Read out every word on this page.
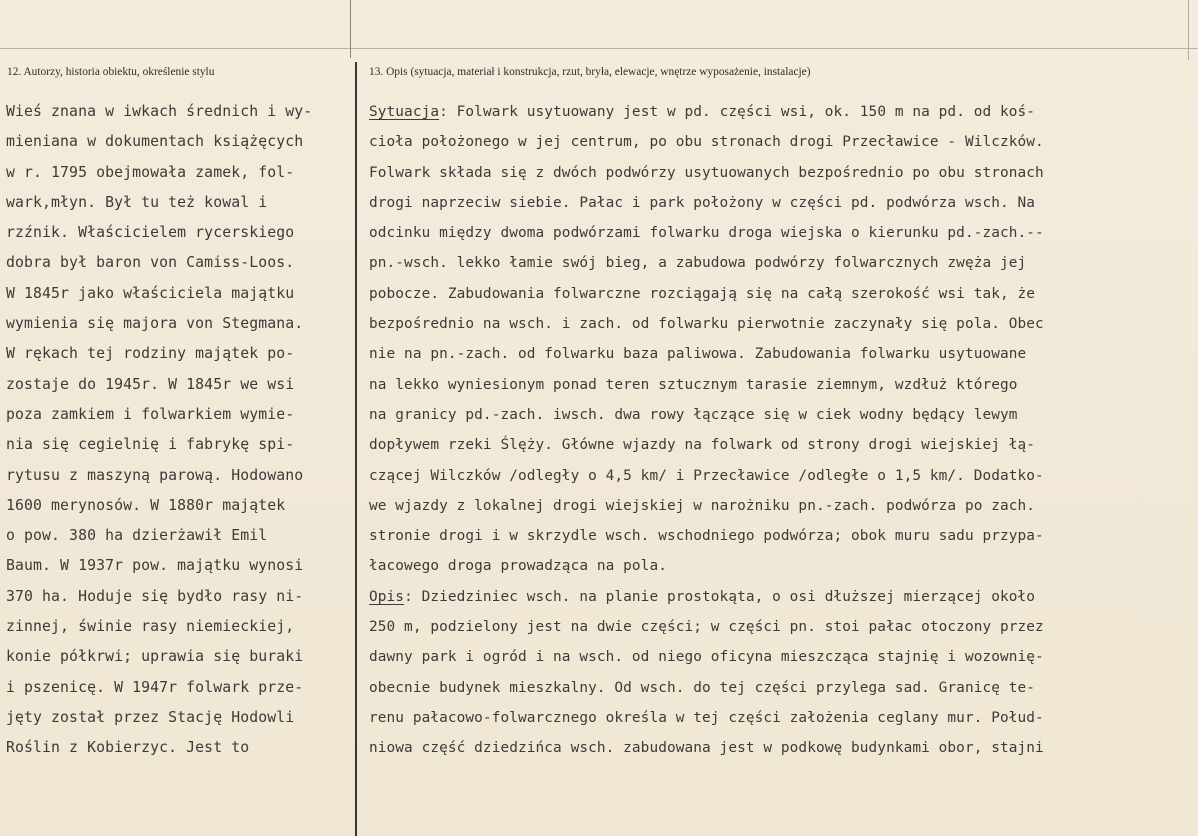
12. Autorzy, historia obiektu, określenie stylu	13. Opis (sytuacja, materiał i konstrukcja, rzut, bryła, elewacje, wnętrze wyposażenie, instalacje)
Wieś znana w iwkach średnich i wy-
mieniana w dokumentach książęcych
w r. 1795 obejmowała zamek, fol-
wark,młyn. Był tu też kowal i
rzźnik. Właścicielem rycerskiego
dobra był baron von Camiss-Loos.
W 1845r jako właściciela majątku
wymienia się majora von Stegmana.
W rękach tej rodziny majątek po-
zostaje do 1945r. W 1845r we wsi
poza zamkiem i folwarkiem wymie-
nia się cegielnię i fabrykę spi-
rytusu z maszyną parową. Hodowano
1600 merynosów. W 1880r majątek
o pow. 380 ha dzierżawił Emil
Baum. W 1937r pow. majątku wynosi
370 ha. Hoduje się bydło rasy ni-
zinnej, świnie rasy niemieckiej,
konie półkrwi; uprawia się buraki
i pszenicę. W 1947r folwark prze-
jęty został przez Stację Hodowli
Roślin z Kobierzyc. Jest to
Sytuacja: Folwark usytuowany jest w pd. części wsi, ok. 150 m na pd. od koś-
cioła położonego w jej centrum, po obu stronach drogi Przecławice - Wilczków.
Folwark składa się z dwóch podwórzy usytuowanych bezpośrednio po obu stronach
drogi naprzeciw siebie. Pałac i park położony w części pd. podwórza wsch. Na
odcinku między dwoma podwórzami folwarku droga wiejska o kierunku pd.-zach.--
pn.-wsch. lekko łamie swój bieg, a zabudowa podwórzy folwarcznych zwęża jej
pobocze. Zabudowania folwarczne rozciągają się na całą szerokość wsi tak, że
bezpośrednio na wsch. i zach. od folwarku pierwotnie zaczynały się pola. Obec
nie na pn.-zach. od folwarku baza paliwowa. Zabudowania folwarku usytuowane
na lekko wyniesionym ponad teren sztucznym tarasie ziemnym, wzdłuż którego
na granicy pd.-zach. iwsch. dwa rowy łączące się w ciek wodny będący lewym
dopływem rzeki Ślęży. Główne wjazdy na folwark od strony drogi wiejskiej łą-
czącej Wilczków /odległy o 4,5 km/ i Przecławice /odległe o 1,5 km/. Dodatko-
we wjazdy z lokalnej drogi wiejskiej w narożniku pn.-zach. podwórza po zach.
stronie drogi i w skrzydle wsch. wschodniego podwórza; obok muru sadu przypa-
łacowego droga prowadząca na pola.
Opis: Dziedziniec wsch. na planie prostokąta, o osi dłuższej mierzącej około
250 m, podzielony jest na dwie części; w części pn. stoi pałac otoczony przez
dawny park i ogród i na wsch. od niego oficyna mieszcząca stajnię i wozownię-
obecnie budynek mieszkalny. Od wsch. do tej części przylega sad. Granicę te-
renu pałacowo-folwarcznego określa w tej części założenia ceglany mur. Połud-
niowa część dziedzińca wsch. zabudowana jest w podkowę budynkami obor, stajni
